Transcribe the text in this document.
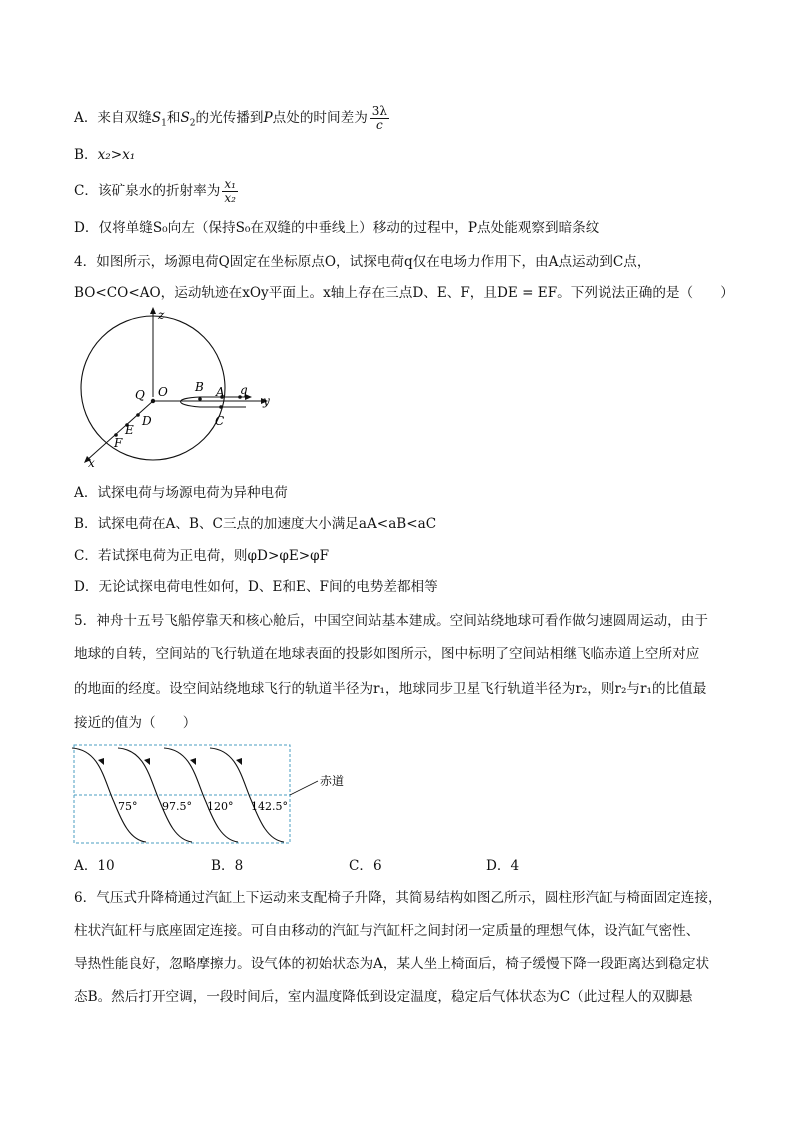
A．来自双缝$S_1$和$S_2$的光传播到P点处的时间差为 $\frac{3\lambda}{c}$
B．x₂>x₁
C．该矿泉水的折射率为 $\frac{\text{x₁}}{\text{x₂}}$
D．仅将单缝S₀向左（保持S₀在双缝的中垂线上）移动的过程中，P点处能观察到暗条纹
4．如图所示，场源电荷Q固定在坐标原点O，试探电荷q仅在电场力作用下，由A点运动到C点，
BO<CO<AO，运动轨迹在xOy平面上。x轴上存在三点D、E、F，且DE = EF。下列说法正确的是（　　）
z
y
x
Q O B A q
C
D
E
F
A．试探电荷与场源电荷为异种电荷
B．试探电荷在A、B、C三点的加速度大小满足aA<aB<aC
C．若试探电荷为正电荷，则φD>φE>φF
D．无论试探电荷电性如何，D、E和E、F间的电势差都相等
5．神舟十五号飞船停靠天和核心舱后，中国空间站基本建成。空间站绕地球可看作做匀速圆周运动，由于
地球的自转，空间站的飞行轨道在地球表面的投影如图所示，图中标明了空间站相继飞临赤道上空所对应
的地面的经度。设空间站绕地球飞行的轨道半径为r₁，地球同步卫星飞行轨道半径为r₂，则r₂与r₁的比值最
接近的值为（　　）
赤道
75° 97.5° 120° 142.5°
A．10	B．8	C．6	D．4
6．气压式升降椅通过汽缸上下运动来支配椅子升降，其简易结构如图乙所示，圆柱形汽缸与椅面固定连接，
柱状汽缸杆与底座固定连接。可自由移动的汽缸与汽缸杆之间封闭一定质量的理想气体，设汽缸气密性、
导热性能良好，忽略摩擦力。设气体的初始状态为A，某人坐上椅面后，椅子缓慢下降一段距离达到稳定状
态B。然后打开空调，一段时间后，室内温度降低到设定温度，稳定后气体状态为C（此过程人的双脚悬
